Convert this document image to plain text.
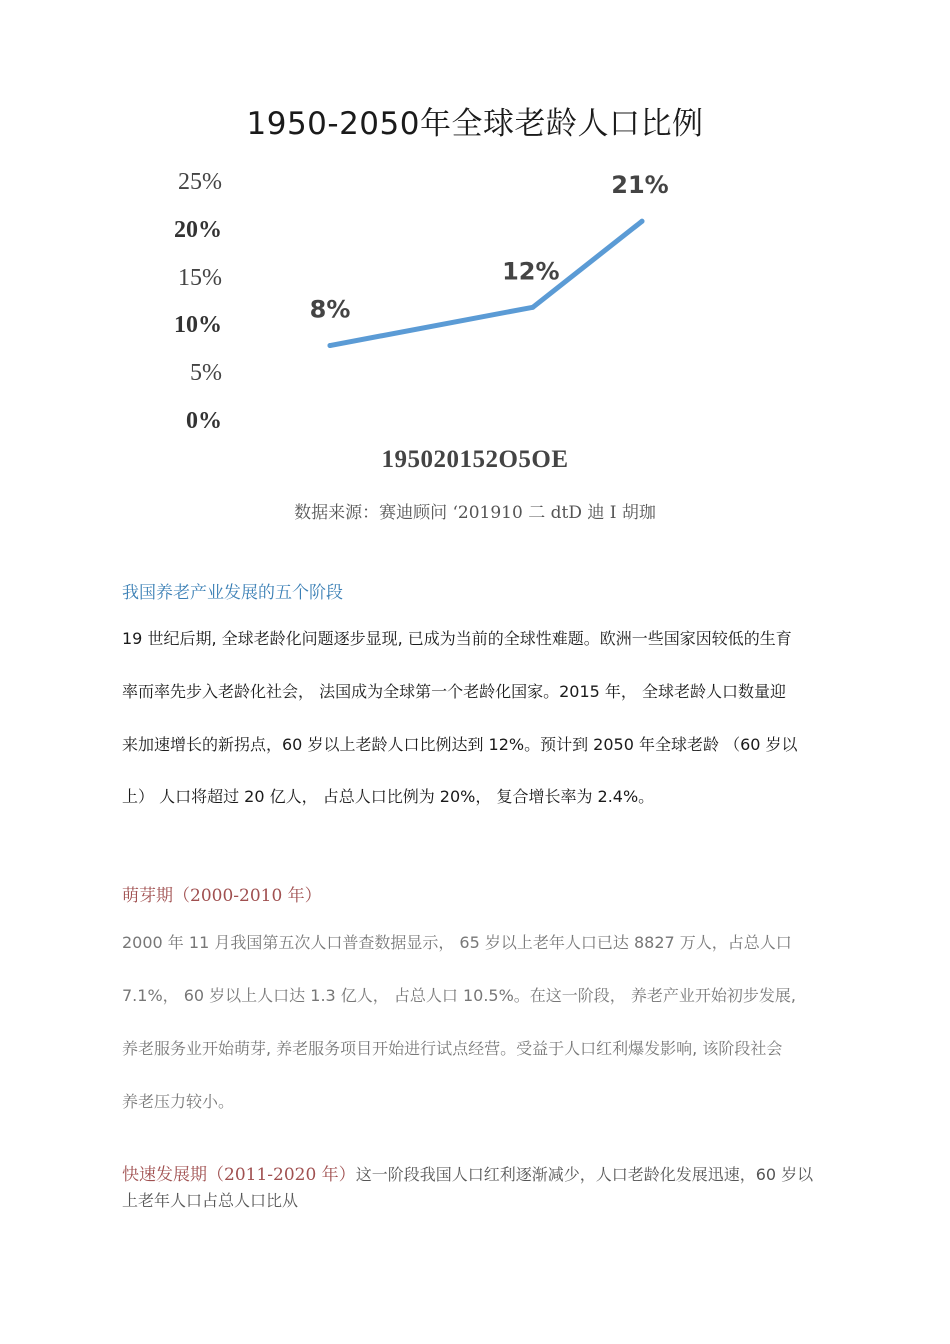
1950-2050年全球老龄人口比例
25%
20%
15%
10%
5%
0%
8%
12%
21%
195020152O5OE
数据来源：赛迪顾问 ‘201910 二 dtD 迪 I 胡珈
我国养老产业发展的五个阶段
19 世纪后期, 全球老龄化问题逐步显现, 已成为当前的全球性难题。欧洲一些国家因较低的生育
率而率先步入老龄化社会， 法国成为全球第一个老龄化国家。2015 年， 全球老龄人口数量迎
来加速增长的新拐点，60 岁以上老龄人口比例达到 12%。预计到 2050 年全球老龄 （60 岁以
上） 人口将超过 20 亿人， 占总人口比例为 20%， 复合增长率为 2.4%。
萌芽期（2000-2010 年）
2000 年 11 月我国第五次人口普查数据显示， 65 岁以上老年人口已达 8827 万人，占总人口
7.1%， 60 岁以上人口达 1.3 亿人， 占总人口 10.5%。在这一阶段， 养老产业开始初步发展,
养老服务业开始萌芽, 养老服务项目开始进行试点经营。受益于人口红利爆发影响, 该阶段社会
养老压力较小。
快速发展期（2011-2020 年）这一阶段我国人口红利逐渐减少，人口老龄化发展迅速，60 岁以上老年人口占总人口比从
